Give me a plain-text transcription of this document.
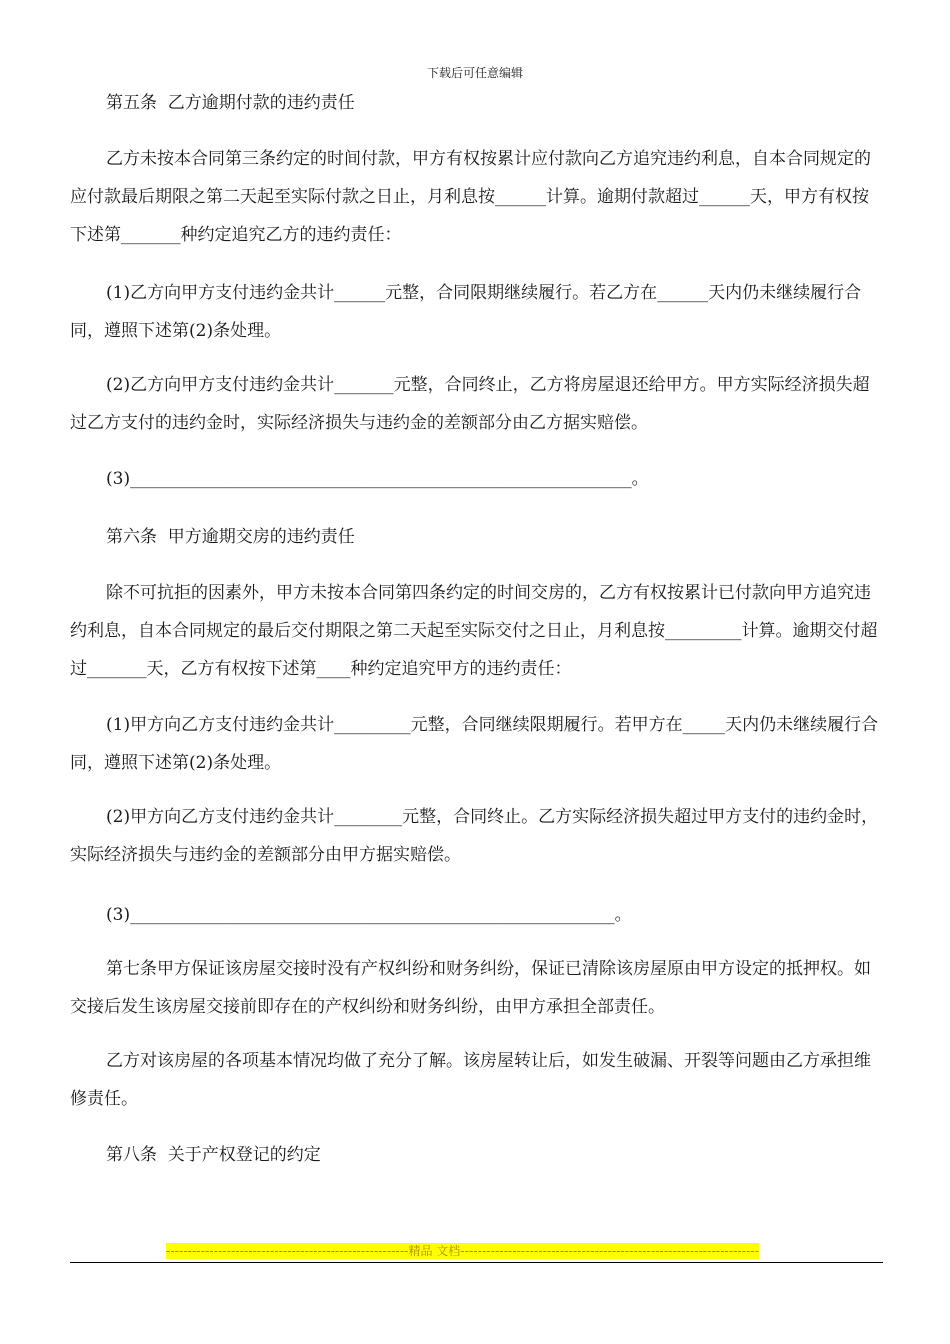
下载后可任意编辑

第五条  乙方逾期付款的违约责任

乙方未按本合同第三条约定的时间付款，甲方有权按累计应付款向乙方追究违约利息，自本合同规定的应付款最后期限之第二天起至实际付款之日止，月利息按______计算。逾期付款超过______天，甲方有权按下述第_______种约定追究乙方的违约责任：

(1)乙方向甲方支付违约金共计______元整，合同限期继续履行。若乙方在______天内仍未继续履行合同，遵照下述第(2)条处理。

(2)乙方向甲方支付违约金共计_______元整，合同终止，乙方将房屋退还给甲方。甲方实际经济损失超过乙方支付的违约金时，实际经济损失与违约金的差额部分由乙方据实赔偿。

(3)___________________________________________________________。

第六条  甲方逾期交房的违约责任

除不可抗拒的因素外，甲方未按本合同第四条约定的时间交房的，乙方有权按累计已付款向甲方追究违约利息，自本合同规定的最后交付期限之第二天起至实际交付之日止，月利息按_________计算。逾期交付超过_______天，乙方有权按下述第____种约定追究甲方的违约责任：

(1)甲方向乙方支付违约金共计_________元整，合同继续限期履行。若甲方在_____天内仍未继续履行合同，遵照下述第(2)条处理。

(2)甲方向乙方支付违约金共计________元整，合同终止。乙方实际经济损失超过甲方支付的违约金时，实际经济损失与违约金的差额部分由甲方据实赔偿。

(3)_________________________________________________________。

第七条甲方保证该房屋交接时没有产权纠纷和财务纠纷，保证已清除该房屋原由甲方设定的抵押权。如交接后发生该房屋交接前即存在的产权纠纷和财务纠纷，由甲方承担全部责任。

乙方对该房屋的各项基本情况均做了充分了解。该房屋转让后，如发生破漏、开裂等问题由乙方承担维修责任。

第八条  关于产权登记的约定

--------------------------------------------------------精品 文档---------------------------------------------------------------------
